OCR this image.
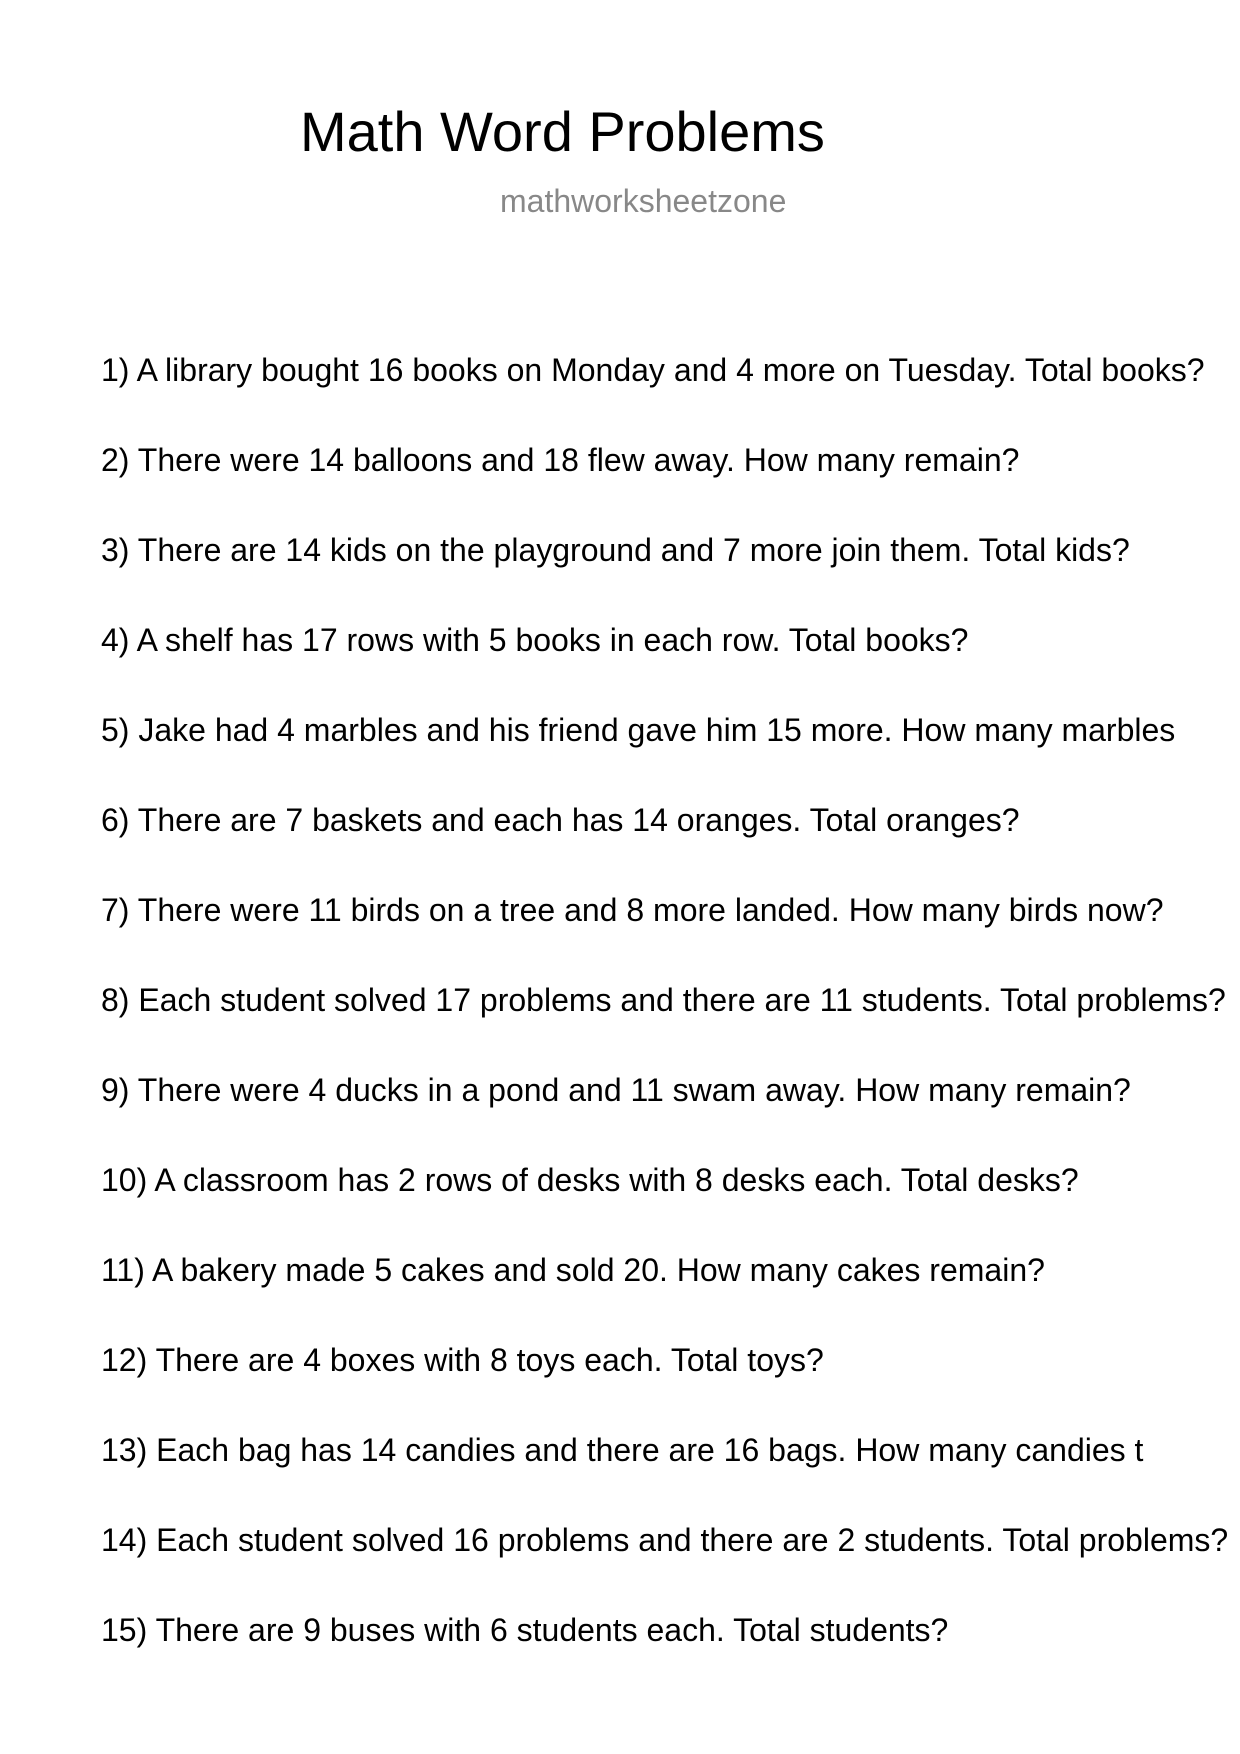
Math Word Problems
mathworksheetzone
1) A library bought 16 books on Monday and 4 more on Tuesday. Total books?
2) There were 14 balloons and 18 flew away. How many remain?
3) There are 14 kids on the playground and 7 more join them. Total kids?
4) A shelf has 17 rows with 5 books in each row. Total books?
5) Jake had 4 marbles and his friend gave him 15 more. How many marbles
6) There are 7 baskets and each has 14 oranges. Total oranges?
7) There were 11 birds on a tree and 8 more landed. How many birds now?
8) Each student solved 17 problems and there are 11 students. Total problems?
9) There were 4 ducks in a pond and 11 swam away. How many remain?
10) A classroom has 2 rows of desks with 8 desks each. Total desks?
11) A bakery made 5 cakes and sold 20. How many cakes remain?
12) There are 4 boxes with 8 toys each. Total toys?
13) Each bag has 14 candies and there are 16 bags. How many candies t
14) Each student solved 16 problems and there are 2 students. Total problems?
15) There are 9 buses with 6 students each. Total students?
